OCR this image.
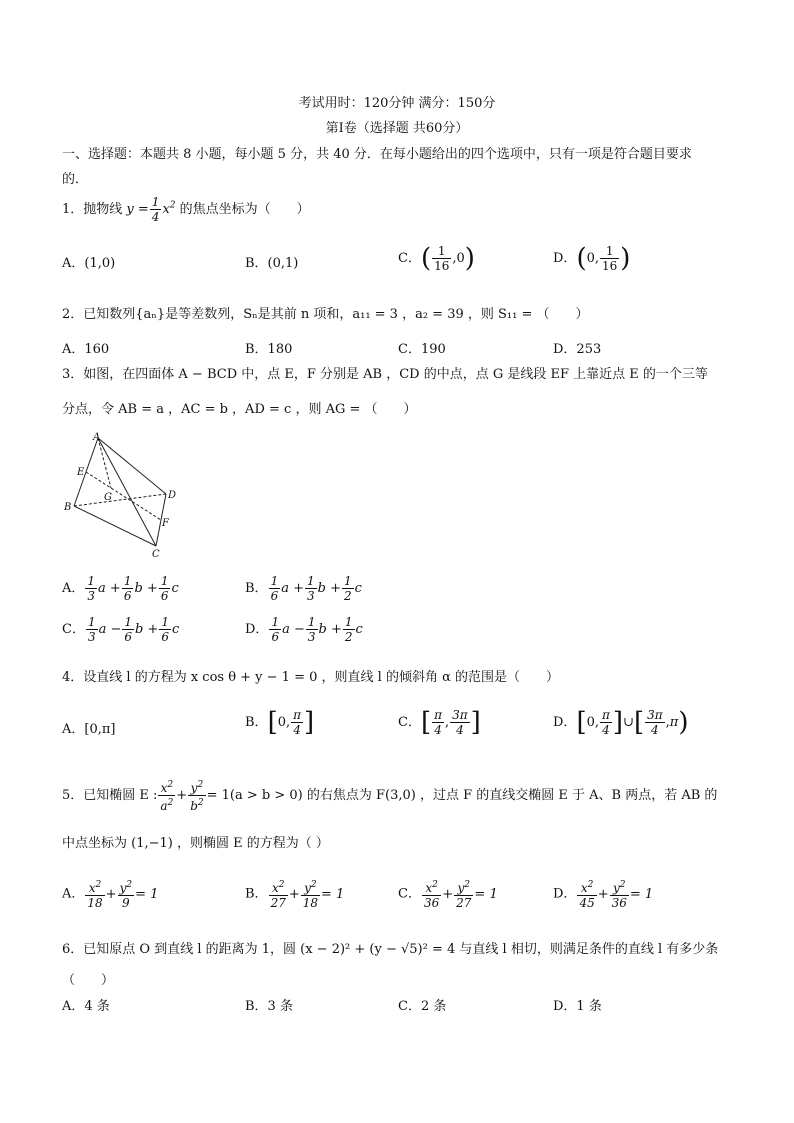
考试用时：120分钟 满分：150分
第Ⅰ卷（选择题 共60分）
一、选择题：本题共 8 小题，每小题 5 分，共 40 分．在每小题给出的四个选项中，只有一项是符合题目要求
的．
1．抛物线 $y = \frac{1}{4} x^2$ 的焦点坐标为（　　）
A．(1,0)	B．(0,1)	C．( $\frac{1}{16} ,0$)	D．(0, $\frac{1}{16}$ )
2．已知数列{aₙ}是等差数列，Sₙ是其前 n 项和，a₁₁ = 3 ，a₂ = 39 ，则 S₁₁ = （　　）
A．160	B．180	C．190	D．253
3．如图，在四面体 A − BCD 中，点 E，F 分别是 AB ，CD 的中点，点 G 是线段 EF 上靠近点 E 的一个三等
分点，令 AB = a ，AC = b ，AD = c ，则 AG = （　　）
A
B
C
D
E
F
G
A． $\frac{1}{3}$ $a + \frac{1}{6}$ $b + \frac{1}{6}$ c	B． $\frac{1}{6}$ $a + \frac{1}{3}$ $b + \frac{1}{2}$ c
C． $\frac{1}{3}$ $a - \frac{1}{6}$ $b + \frac{1}{6}$ c	D． $\frac{1}{6}$ $a - \frac{1}{3}$ $b + \frac{1}{2}$ c
4．设直线 l 的方程为 x cos θ + y − 1 = 0 ，则直线 l 的倾斜角 α 的范围是（　　）
A．[0,π]	B．[0, $\frac{\pi}{4}$ ]	C．[ $\frac{\pi}{4}$ , $\frac{3\pi}{4}$ ]	D．[0, $\frac{\pi}{4}$ ]∪[ $\frac{3\pi}{4} ,\pi$)
5．已知椭圆 E : $\frac{x^2}{a^2} + \frac{y^2}{b^2} = 1(a > b > 0)$ 的右焦点为 F(3,0) ，过点 F 的直线交椭圆 E 于 A、B 两点，若 AB 的
中点坐标为 (1,−1) ，则椭圆 E 的方程为（ ）
A． $\frac{x^2}{18} + \frac{y^2}{9} = 1$	B． $\frac{x^2}{27} + \frac{y^2}{18} = 1$	C． $\frac{x^2}{36} + \frac{y^2}{27} = 1$	D． $\frac{x^2}{45} + \frac{y^2}{36} = 1$
6．已知原点 O 到直线 l 的距离为 1，圆 (x − 2)² + (y − √5)² = 4 与直线 l 相切，则满足条件的直线 l 有多少条
（　　）
A．4 条	B．3 条	C．2 条	D．1 条
